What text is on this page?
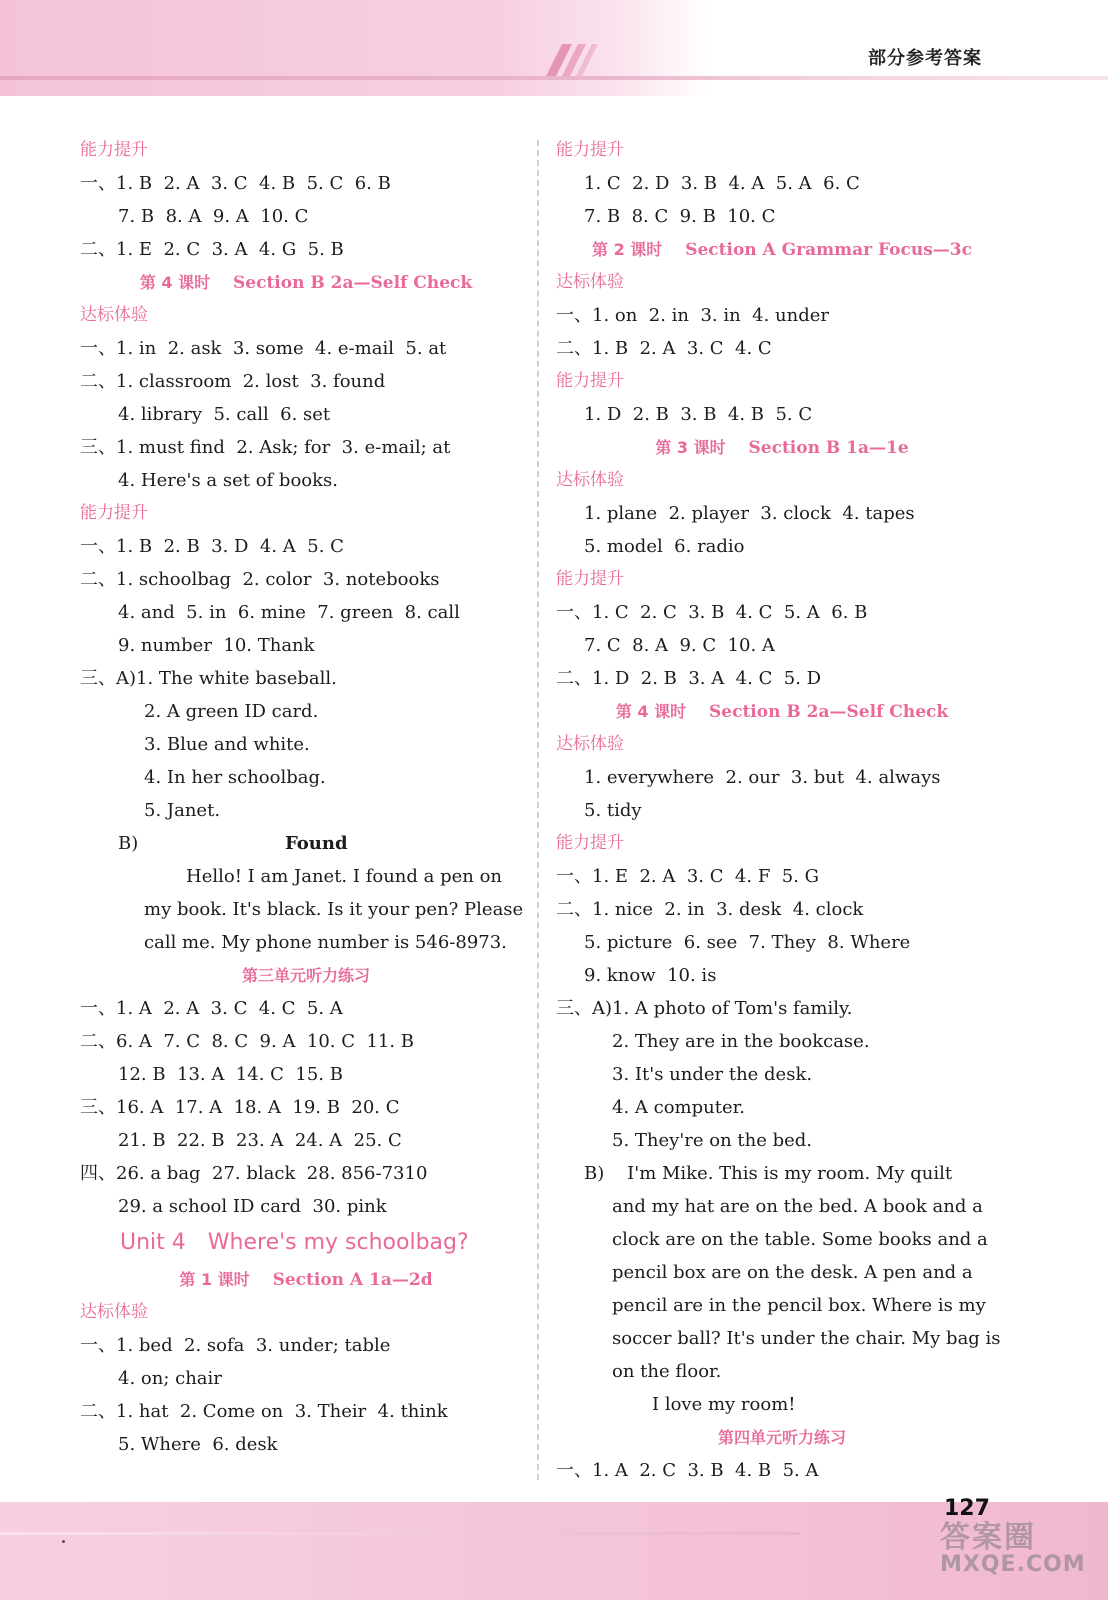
部分参考答案
能力提升
一、1. B  2. A  3. C  4. B  5. C  6. B
7. B  8. A  9. A  10. C
二、1. E  2. C  3. A  4. G  5. B
第 4 课时 Section B 2a—Self Check
达标体验
一、1. in  2. ask  3. some  4. e-mail  5. at
二、1. classroom  2. lost  3. found
4. library  5. call  6. set
三、1. must find  2. Ask; for  3. e-mail; at
4. Here's a set of books.
能力提升
一、1. B  2. B  3. D  4. A  5. C
二、1. schoolbag  2. color  3. notebooks
4. and  5. in  6. mine  7. green  8. call
9. number  10. Thank
三、A)1. The white baseball.
2. A green ID card.
3. Blue and white.
4. In her schoolbag.
5. Janet.
B)	Found
Hello! I am Janet. I found a pen on
my book. It's black. Is it your pen? Please
call me. My phone number is 546-8973.
第三单元听力练习
一、1. A  2. A  3. C  4. C  5. A
二、6. A  7. C  8. C  9. A  10. C  11. B
12. B  13. A  14. C  15. B
三、16. A  17. A  18. A  19. B  20. C
21. B  22. B  23. A  24. A  25. C
四、26. a bag  27. black  28. 856-7310
29. a school ID card  30. pink
Unit 4 Where's my schoolbag?
第 1 课时 Section A 1a—2d
达标体验
一、1. bed  2. sofa  3. under; table
4. on; chair
二、1. hat  2. Come on  3. Their  4. think
5. Where  6. desk
能力提升
1. C  2. D  3. B  4. A  5. A  6. C
7. B  8. C  9. B  10. C
第 2 课时 Section A Grammar Focus—3c
达标体验
一、1. on  2. in  3. in  4. under
二、1. B  2. A  3. C  4. C
能力提升
1. D  2. B  3. B  4. B  5. C
第 3 课时 Section B 1a—1e
达标体验
1. plane  2. player  3. clock  4. tapes
5. model  6. radio
能力提升
一、1. C  2. C  3. B  4. C  5. A  6. B
7. C  8. A  9. C  10. A
二、1. D  2. B  3. A  4. C  5. D
第 4 课时 Section B 2a—Self Check
达标体验
1. everywhere  2. our  3. but  4. always
5. tidy
能力提升
一、1. E  2. A  3. C  4. F  5. G
二、1. nice  2. in  3. desk  4. clock
5. picture  6. see  7. They  8. Where
9. know  10. is
三、A)1. A photo of Tom's family.
2. They are in the bookcase.
3. It's under the desk.
4. A computer.
5. They're on the bed.
B)    I'm Mike. This is my room. My quilt
and my hat are on the bed. A book and a
clock are on the table. Some books and a
pencil box are on the desk. A pen and a
pencil are in the pencil box. Where is my
soccer ball? It's under the chair. My bag is
on the floor.
I love my room!
第四单元听力练习
一、1. A  2. C  3. B  4. B  5. A
127
答案圈
MXQE.COM
